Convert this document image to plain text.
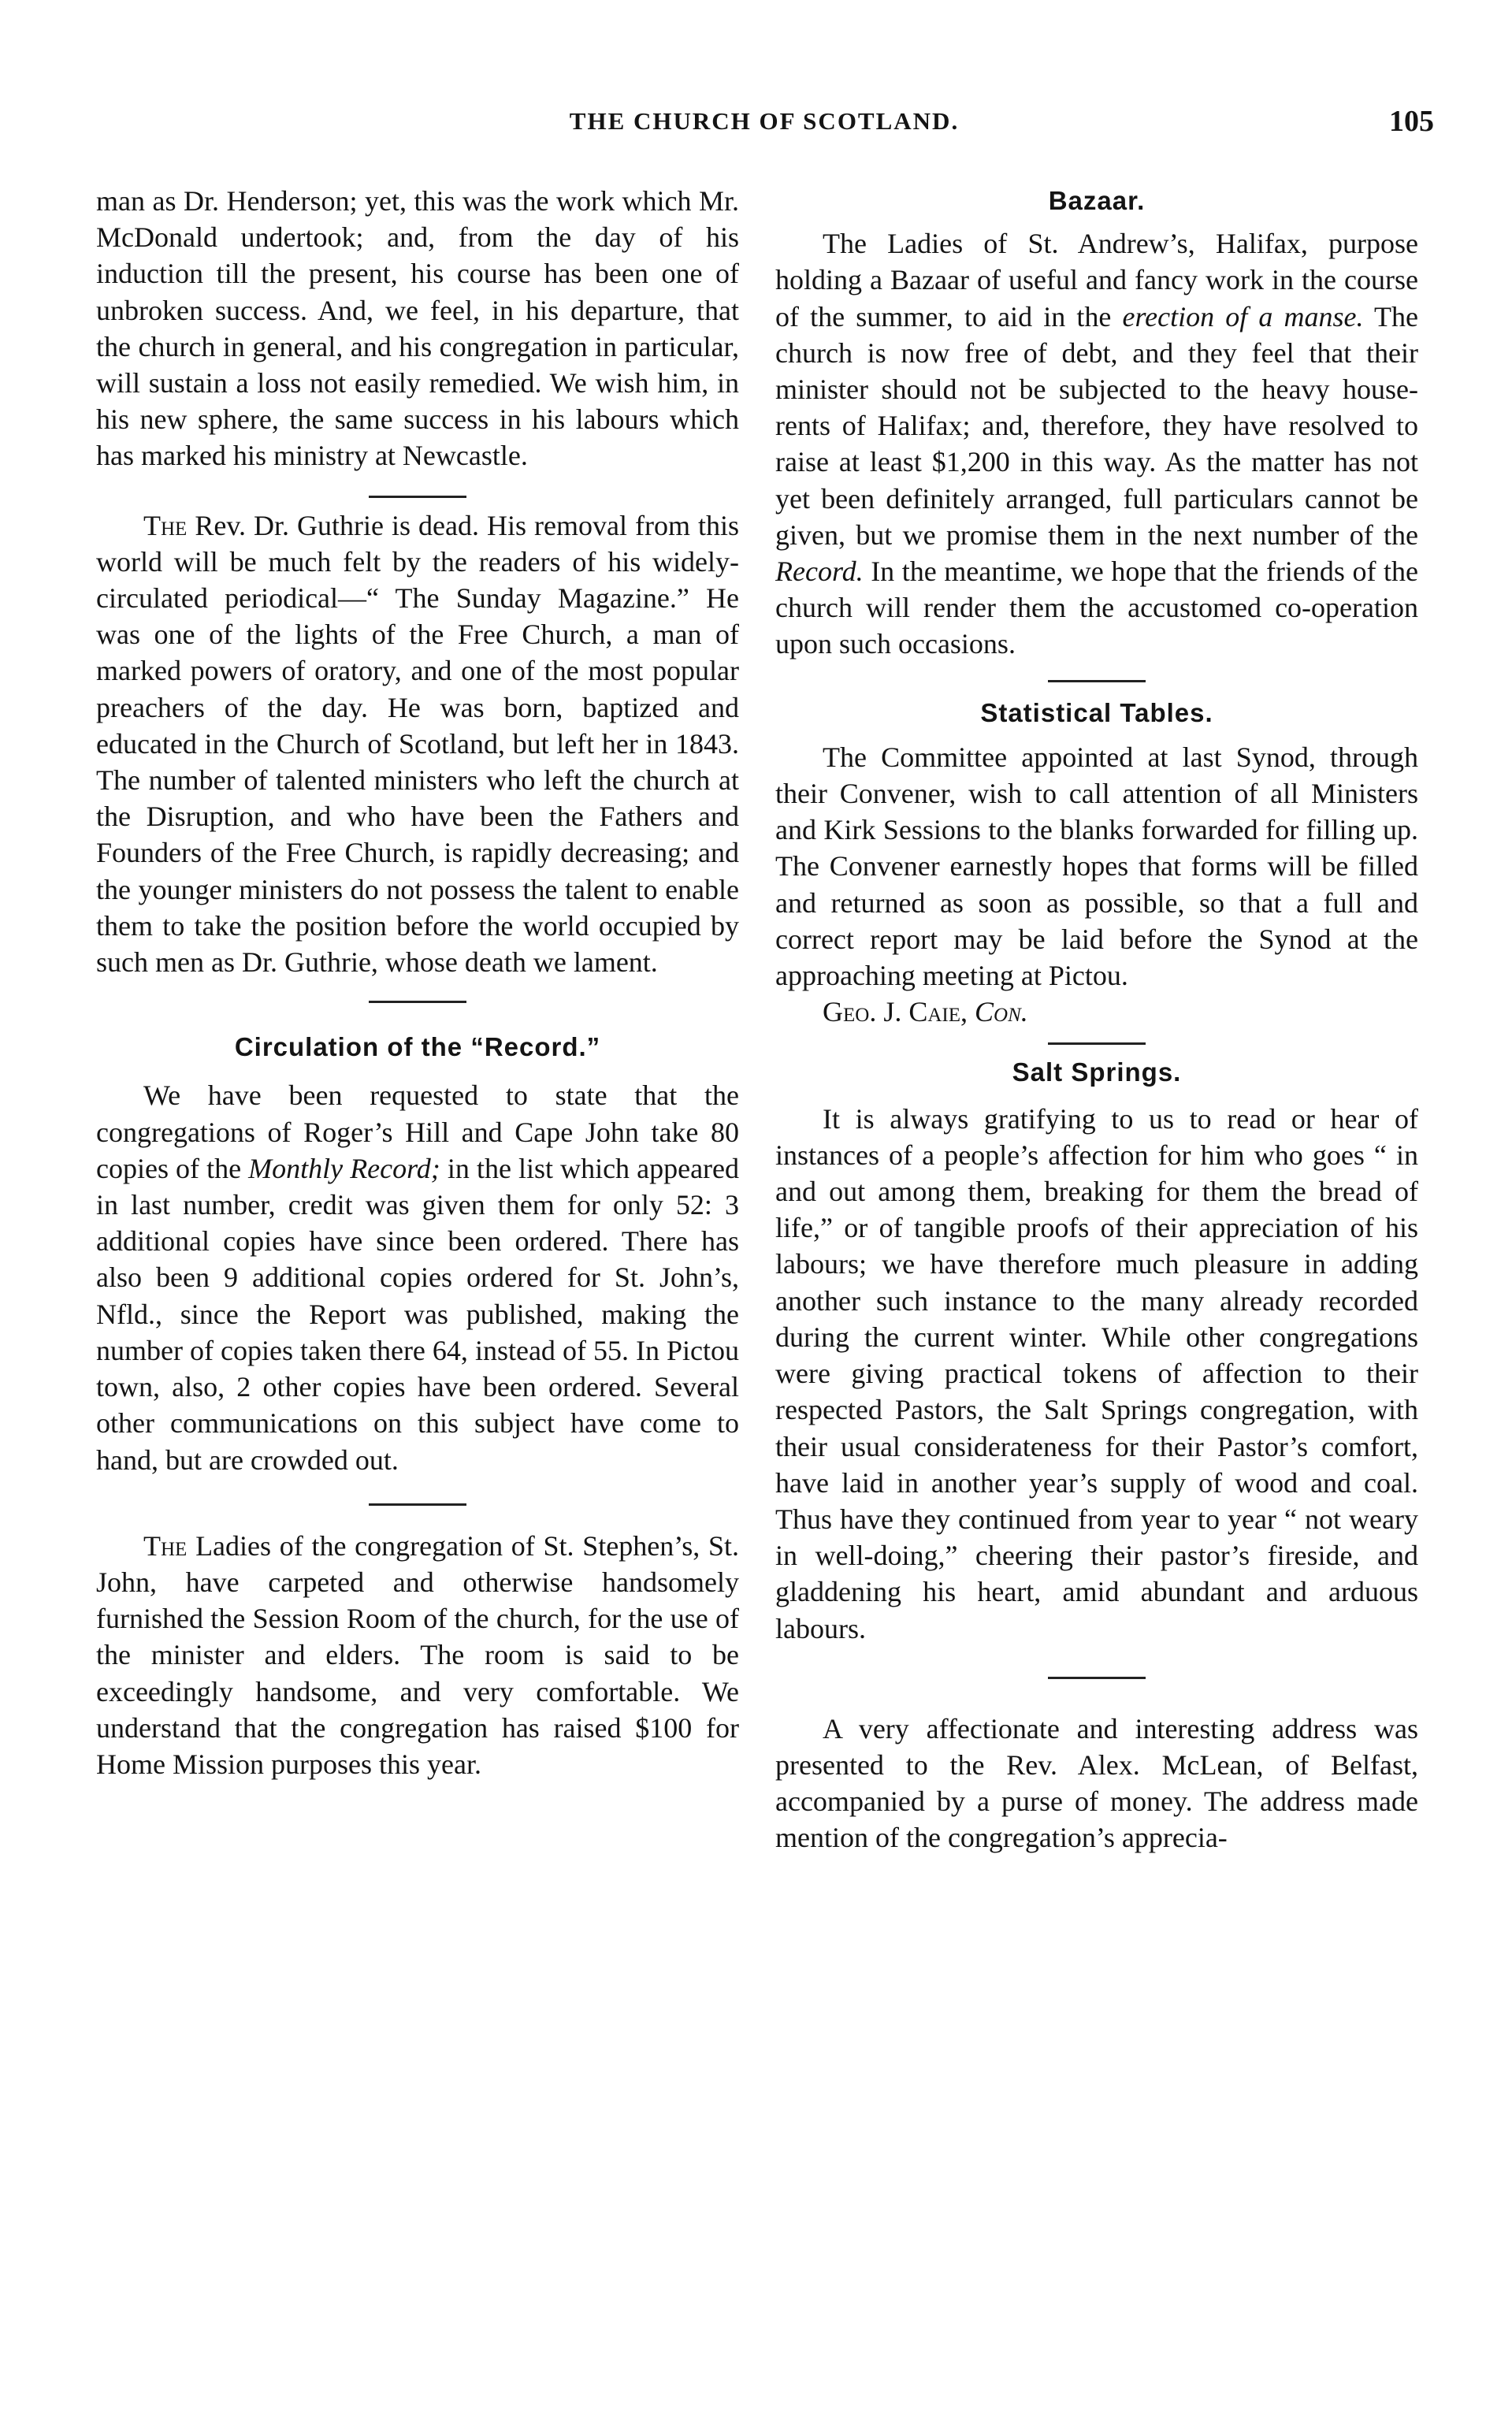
THE CHURCH OF SCOTLAND.	105

man as Dr. Henderson; yet, this was the work which Mr. McDonald undertook; and, from the day of his induction till the present, his course has been one of unbroken success. And, we feel, in his departure, that the church in general, and his congregation in particular, will sustain a loss not easily remedied. We wish him, in his new sphere, the same success in his labours which has marked his ministry at Newcastle.

The Rev. Dr. Guthrie is dead. His removal from this world will be much felt by the readers of his widely-circulated periodical—“ The Sunday Magazine.” He was one of the lights of the Free Church, a man of marked powers of oratory, and one of the most popular preachers of the day. He was born, baptized and educated in the Church of Scotland, but left her in 1843. The number of talented ministers who left the church at the Disruption, and who have been the Fathers and Founders of the Free Church, is rapidly decreasing; and the younger ministers do not possess the talent to enable them to take the position before the world occupied by such men as Dr. Guthrie, whose death we lament.

Circulation of the “Record.”

We have been requested to state that the congregations of Roger’s Hill and Cape John take 80 copies of the Monthly Record; in the list which appeared in last number, credit was given them for only 52: 3 additional copies have since been ordered. There has also been 9 additional copies ordered for St. John’s, Nfld., since the Report was published, making the number of copies taken there 64, instead of 55. In Pictou town, also, 2 other copies have been ordered. Several other communications on this subject have come to hand, but are crowded out.

The Ladies of the congregation of St. Stephen’s, St. John, have carpeted and otherwise handsomely furnished the Session Room of the church, for the use of the minister and elders. The room is said to be exceedingly handsome, and very comfortable. We understand that the congregation has raised $100 for Home Mission purposes this year.

Bazaar.

The Ladies of St. Andrew’s, Halifax, purpose holding a Bazaar of useful and fancy work in the course of the summer, to aid in the erection of a manse. The church is now free of debt, and they feel that their minister should not be subjected to the heavy house-rents of Halifax; and, therefore, they have resolved to raise at least $1,200 in this way. As the matter has not yet been definitely arranged, full particulars cannot be given, but we promise them in the next number of the Record. In the meantime, we hope that the friends of the church will render them the accustomed co-operation upon such occasions.

Statistical Tables.

The Committee appointed at last Synod, through their Convener, wish to call attention of all Ministers and Kirk Sessions to the blanks forwarded for filling up. The Convener earnestly hopes that forms will be filled and returned as soon as possible, so that a full and correct report may be laid before the Synod at the approaching meeting at Pictou.

Geo. J. Caie, Con.

Salt Springs.

It is always gratifying to us to read or hear of instances of a people’s affection for him who goes “ in and out among them, breaking for them the bread of life,” or of tangible proofs of their appreciation of his labours; we have therefore much pleasure in adding another such instance to the many already recorded during the current winter. While other congregations were giving practical tokens of affection to their respected Pastors, the Salt Springs congregation, with their usual considerateness for their Pastor’s comfort, have laid in another year’s supply of wood and coal. Thus have they continued from year to year “ not weary in well-doing,” cheering their pastor’s fireside, and gladdening his heart, amid abundant and arduous labours.

A very affectionate and interesting address was presented to the Rev. Alex. McLean, of Belfast, accompanied by a purse of money. The address made mention of the congregation’s apprecia-
